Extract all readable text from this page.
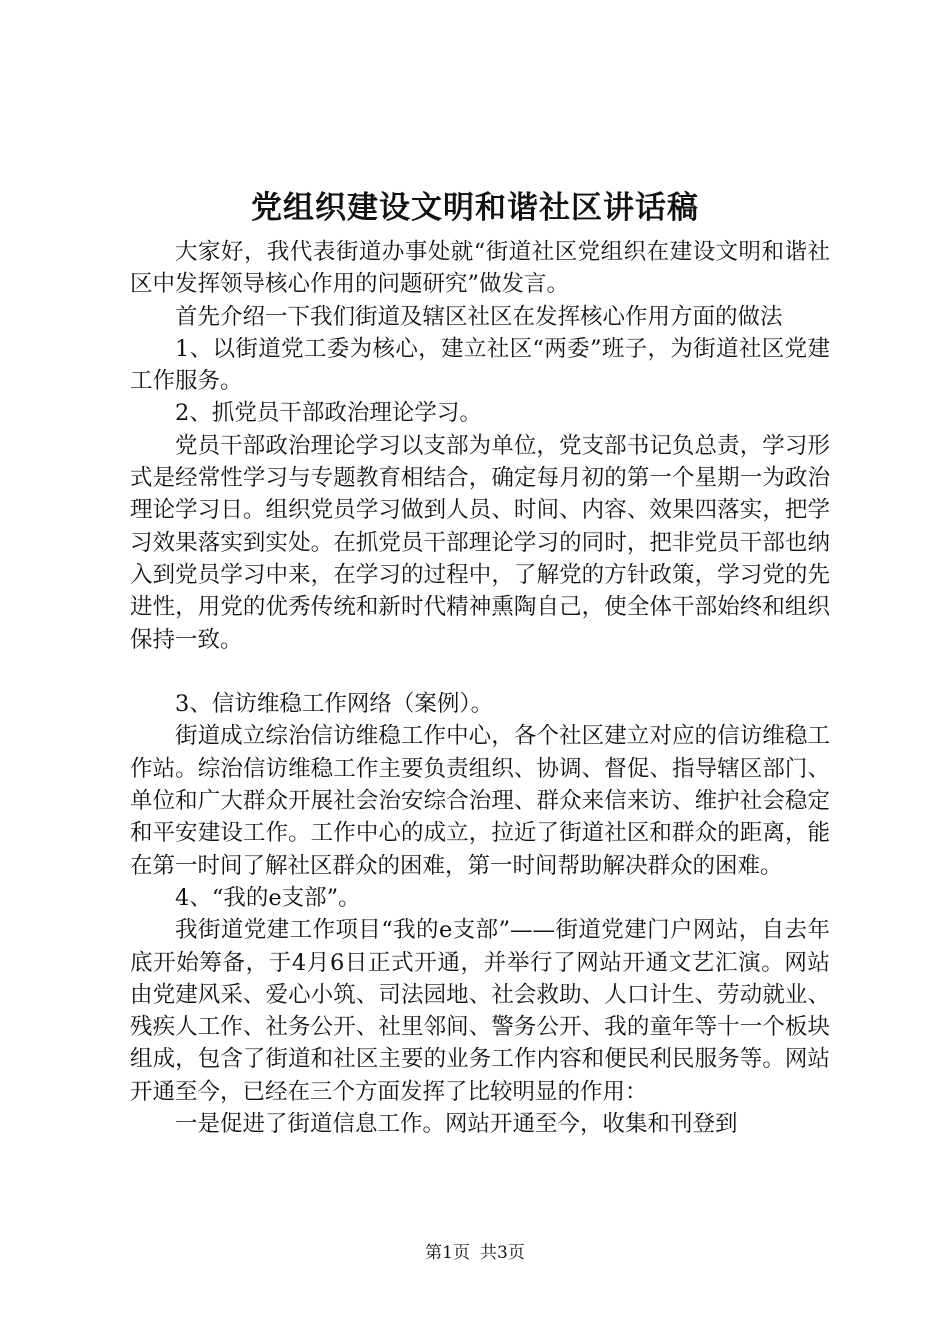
党组织建设文明和谐社区讲话稿

大家好，我代表街道办事处就“街道社区党组织在建设文明和谐社区中发挥领导核心作用的问题研究”做发言。

首先介绍一下我们街道及辖区社区在发挥核心作用方面的做法

1、以街道党工委为核心，建立社区“两委”班子，为街道社区党建工作服务。

2、抓党员干部政治理论学习。

党员干部政治理论学习以支部为单位，党支部书记负总责，学习形式是经常性学习与专题教育相结合，确定每月初的第一个星期一为政治理论学习日。组织党员学习做到人员、时间、内容、效果四落实，把学习效果落实到实处。在抓党员干部理论学习的同时，把非党员干部也纳入到党员学习中来，在学习的过程中，了解党的方针政策，学习党的先进性，用党的优秀传统和新时代精神熏陶自己，使全体干部始终和组织保持一致。

3、信访维稳工作网络（案例）。

街道成立综治信访维稳工作中心，各个社区建立对应的信访维稳工作站。综治信访维稳工作主要负责组织、协调、督促、指导辖区部门、单位和广大群众开展社会治安综合治理、群众来信来访、维护社会稳定和平安建设工作。工作中心的成立，拉近了街道社区和群众的距离，能在第一时间了解社区群众的困难，第一时间帮助解决群众的困难。

4、“我的e支部”。

我街道党建工作项目“我的e支部”——街道党建门户网站，自去年底开始筹备，于4月6日正式开通，并举行了网站开通文艺汇演。网站由党建风采、爱心小筑、司法园地、社会救助、人口计生、劳动就业、残疾人工作、社务公开、社里邻间、警务公开、我的童年等十一个板块组成，包含了街道和社区主要的业务工作内容和便民利民服务等。网站开通至今，已经在三个方面发挥了比较明显的作用：

一是促进了街道信息工作。网站开通至今，收集和刊登到

第1页 共3页
